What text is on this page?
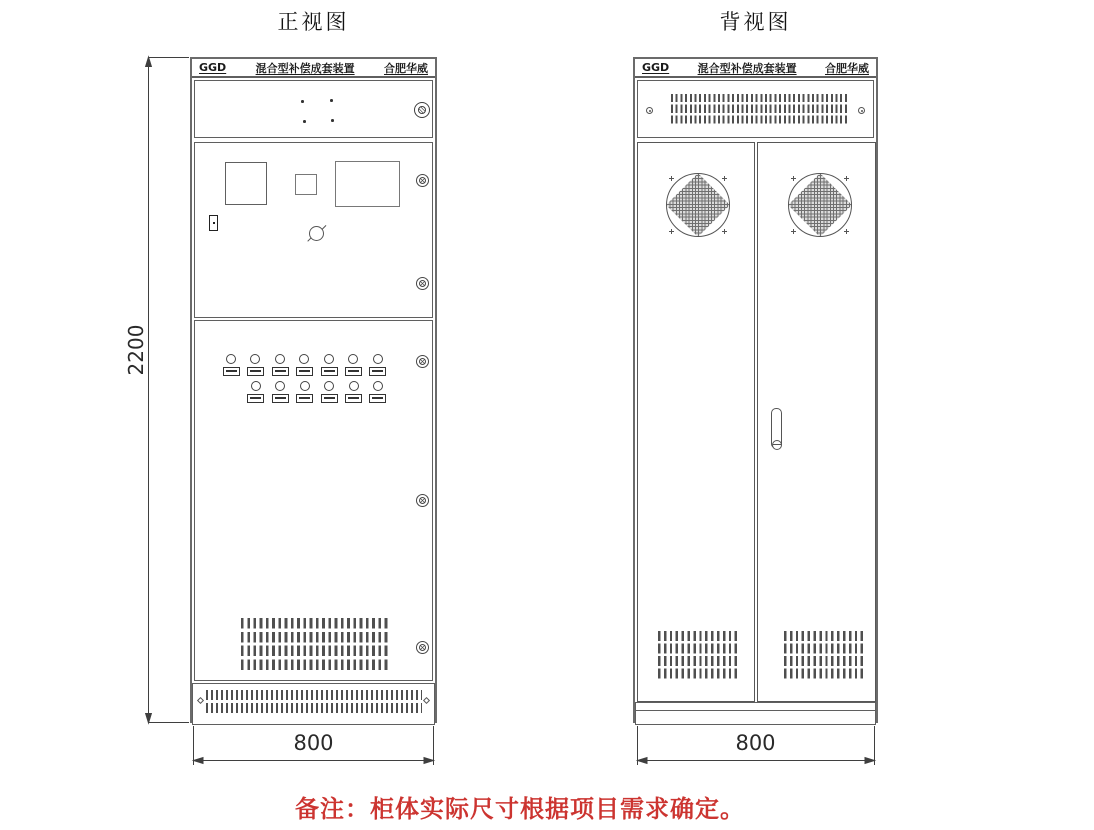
正视图	背视图
GGD	混合型补偿成套装置	合肥华威
×
×
×
×
×	GGD	混合型补偿成套装置	合肥华威
2200
800	800
备注：柜体实际尺寸根据项目需求确定。
